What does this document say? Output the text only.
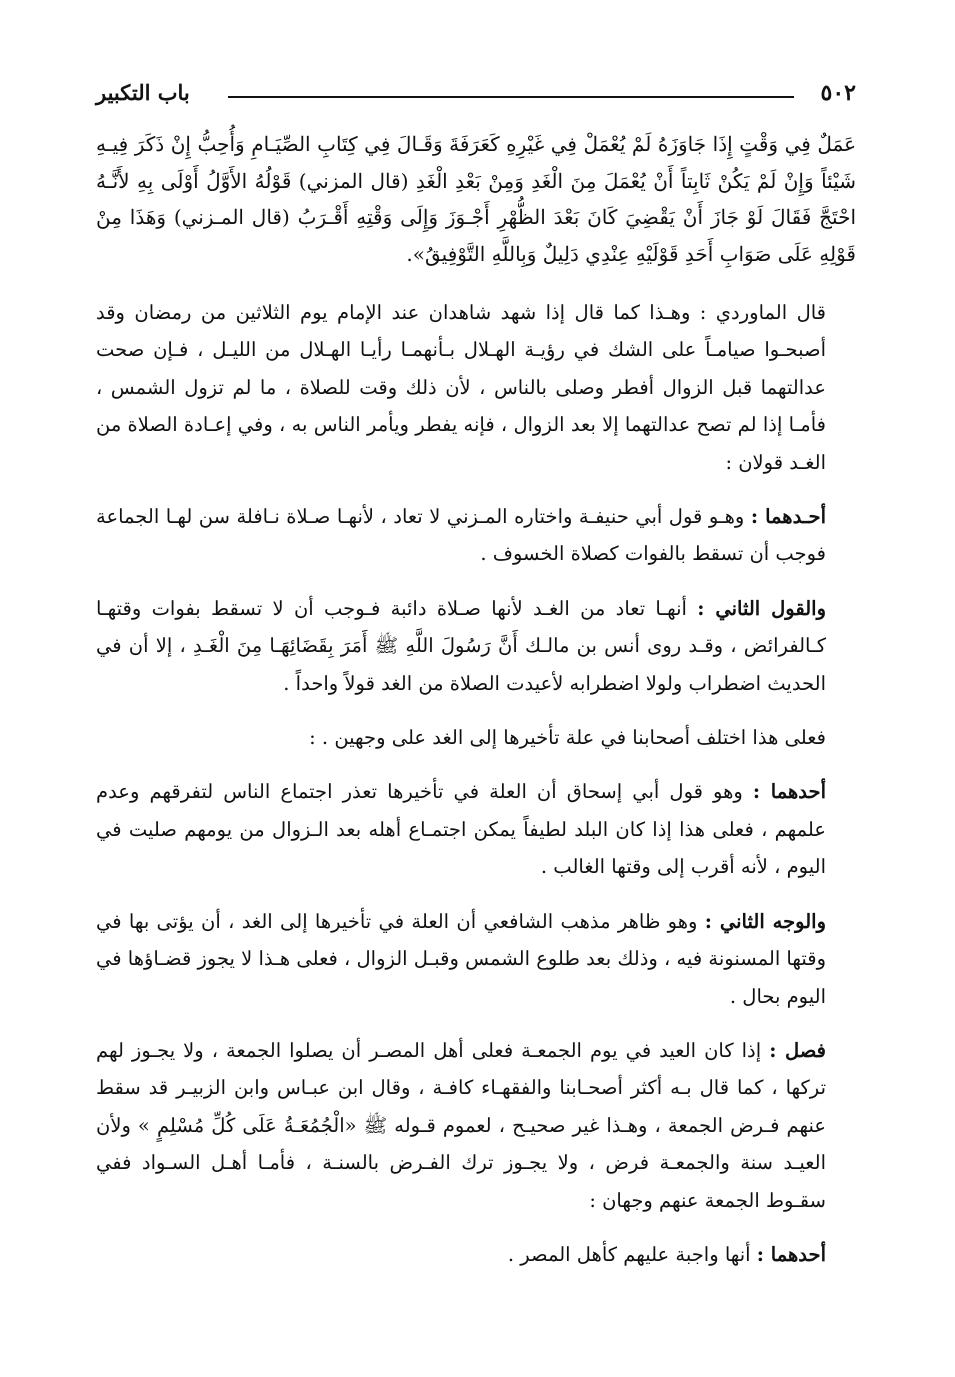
٥٠٢
باب التكبير

عَمَلٌ فِي وَقْتٍ إِذَا جَاوَزَهُ لَمْ يُعْمَلْ فِي غَيْرِهِ كَعَرَفَةَ وَقَـالَ فِي كِتَابِ الصِّيَـامِ وَأُحِبُّ إِنْ ذَكَرَ فِيـهِ شَيْئاً وَإِنْ لَمْ يَكُنْ ثَابِتاً أَنْ يُعْمَلَ مِنَ الْغَدِ وَمِنْ بَعْدِ الْغَدِ (قال المزني) قَوْلُهُ الأَوَّلُ أَوْلَى بِهِ لأَنَّـهُ احْتَجَّ فَقَالَ لَوْ جَازَ أَنْ يَقْضِيَ كَانَ بَعْدَ الظُّهْرِ أَجْـوَزَ وَإِلَى وَقْتِهِ أَقْـرَبُ (قال المـزني) وَهَذَا مِنْ قَوْلِهِ عَلَى صَوَابِ أَحَدِ قَوْلَيْهِ عِنْدِي دَلِيلٌ وَبِاللَّهِ التَّوْفِيقُ».

قال الماوردي : وهـذا كما قال إذا شهد شاهدان عند الإمام يوم الثلاثين من رمضان وقد أصبحـوا صيامـاً على الشك في رؤيـة الهـلال بـأنهمـا رأيـا الهـلال من الليـل ، فـإن صحت عدالتهما قبل الزوال أفطر وصلى بالناس ، لأن ذلك وقت للصلاة ، ما لم تزول الشمس ، فأمـا إذا لم تصح عدالتهما إلا بعد الزوال ، فإنه يفطر ويأمر الناس به ، وفي إعـادة الصلاة من الغـد قولان :

أحـدهما : وهـو قول أبي حنيفـة واختاره المـزني لا تعاد ، لأنهـا صـلاة نـافلة سن لهـا الجماعة فوجب أن تسقط بالفوات كصلاة الخسوف .

والقول الثاني : أنهـا تعاد من الغـد لأنها صـلاة دائبة فـوجب أن لا تسقط بفوات وقتهـا كـالفرائض ، وقـد روى أنس بن مالـك أَنَّ رَسُولَ اللَّهِ ﷺ أَمَرَ بِقَضَائِهَـا مِنَ الْغَـدِ ، إلا أن في الحديث اضطراب ولولا اضطرابه لأعيدت الصلاة من الغد قولاً واحداً .

فعلى هذا اختلف أصحابنا في علة تأخيرها إلى الغد على وجهين . :

أحدهما : وهو قول أبي إسحاق أن العلة في تأخيرها تعذر اجتماع الناس لتفرقهم وعدم علمهم ، فعلى هذا إذا كان البلد لطيفاً يمكن اجتمـاع أهله بعد الـزوال من يومهم صليت في اليوم ، لأنه أقرب إلى وقتها الغالب .

والوجه الثاني : وهو ظاهر مذهب الشافعي أن العلة في تأخيرها إلى الغد ، أن يؤتى بها في وقتها المسنونة فيه ، وذلك بعد طلوع الشمس وقبـل الزوال ، فعلى هـذا لا يجوز قضـاؤها في اليوم بحال .

فصل : إذا كان العيد في يوم الجمعـة فعلى أهل المصـر أن يصلوا الجمعة ، ولا يجـوز لهم تركها ، كما قال بـه أكثر أصحـابنا والفقهـاء كافـة ، وقال ابن عبـاس وابن الزبيـر قد سقط عنهم فـرض الجمعة ، وهـذا غير صحيـح ، لعموم قـوله ﷺ «الْجُمُعَـةُ عَلَى كُلِّ مُسْلِمٍ » ولأن العيـد سنة والجمعـة فرض ، ولا يجـوز ترك الفـرض بالسنـة ، فأمـا أهـل السـواد ففي سقـوط الجمعة عنهم وجهان :

أحدهما : أنها واجبة عليهم كأهل المصر .
